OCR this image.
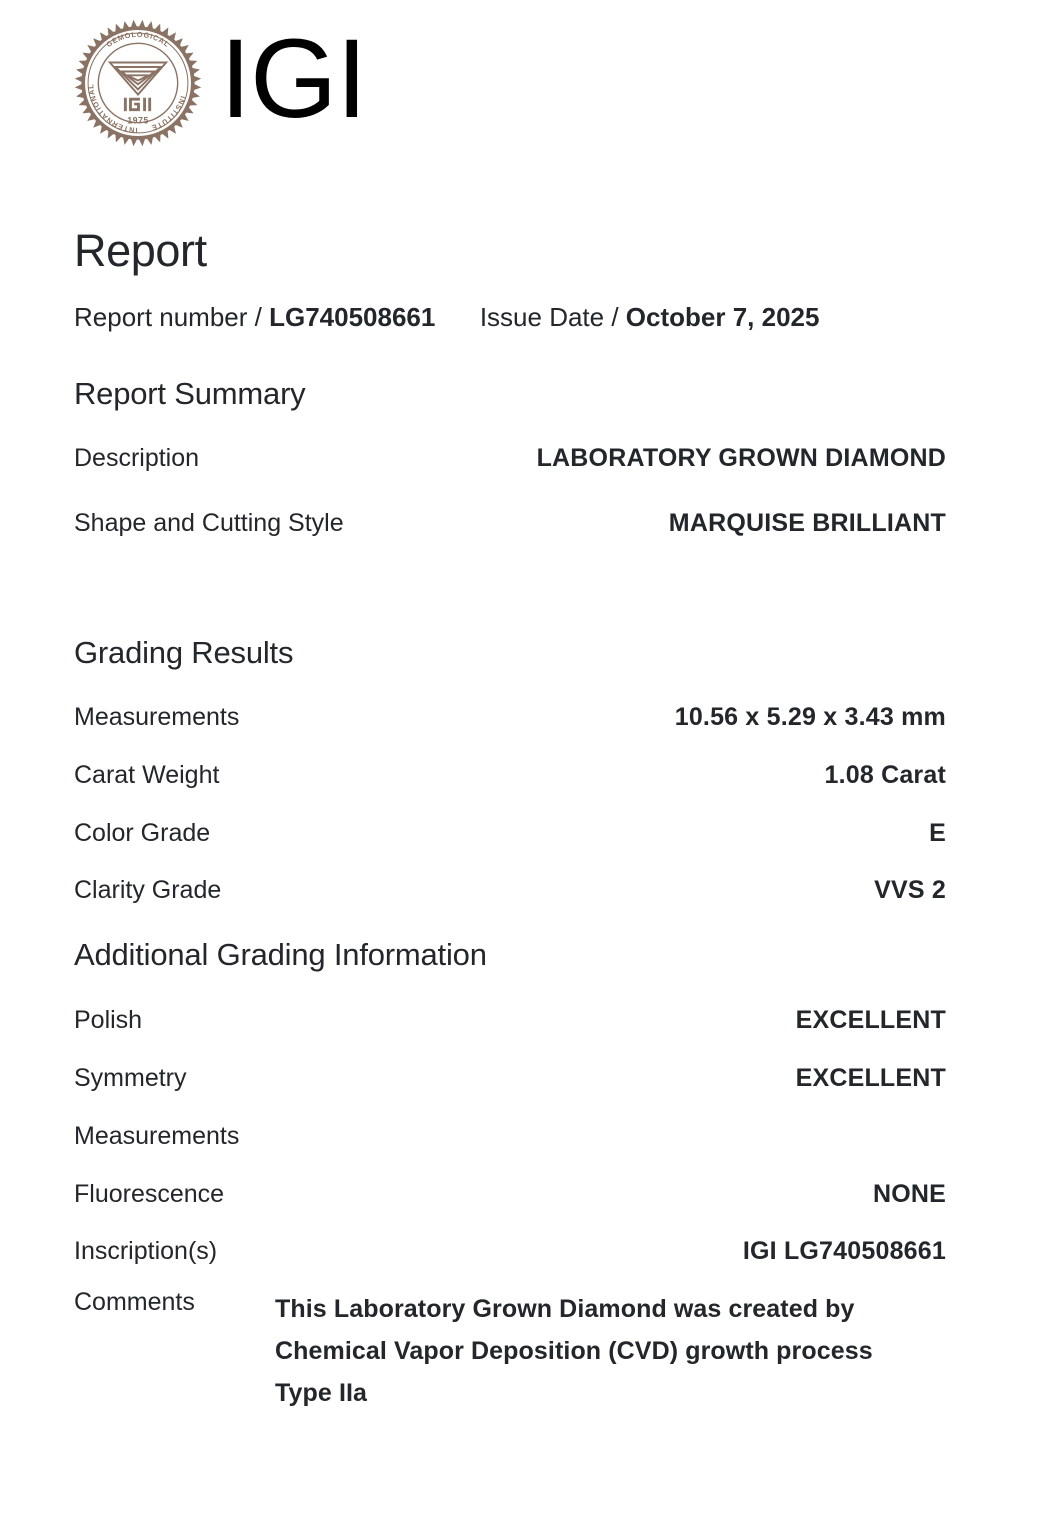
GEMOLOGICAL
INSTITUTE
INTERNATIONAL
1975 IGI
Report
Report number / LG740508661 Issue Date / October 7, 2025
Report Summary
Description	LABORATORY GROWN DIAMOND
Shape and Cutting Style	MARQUISE BRILLIANT
Grading Results
Measurements	10.56 x 5.29 x 3.43 mm
Carat Weight	1.08 Carat
Color Grade	E
Clarity Grade	VVS 2
Additional Grading Information
Polish	EXCELLENT
Symmetry	EXCELLENT
Measurements
Fluorescence	NONE
Inscription(s)	IGI LG740508661
Comments	This Laboratory Grown Diamond was created by Chemical Vapor Deposition (CVD) growth process Type IIa
